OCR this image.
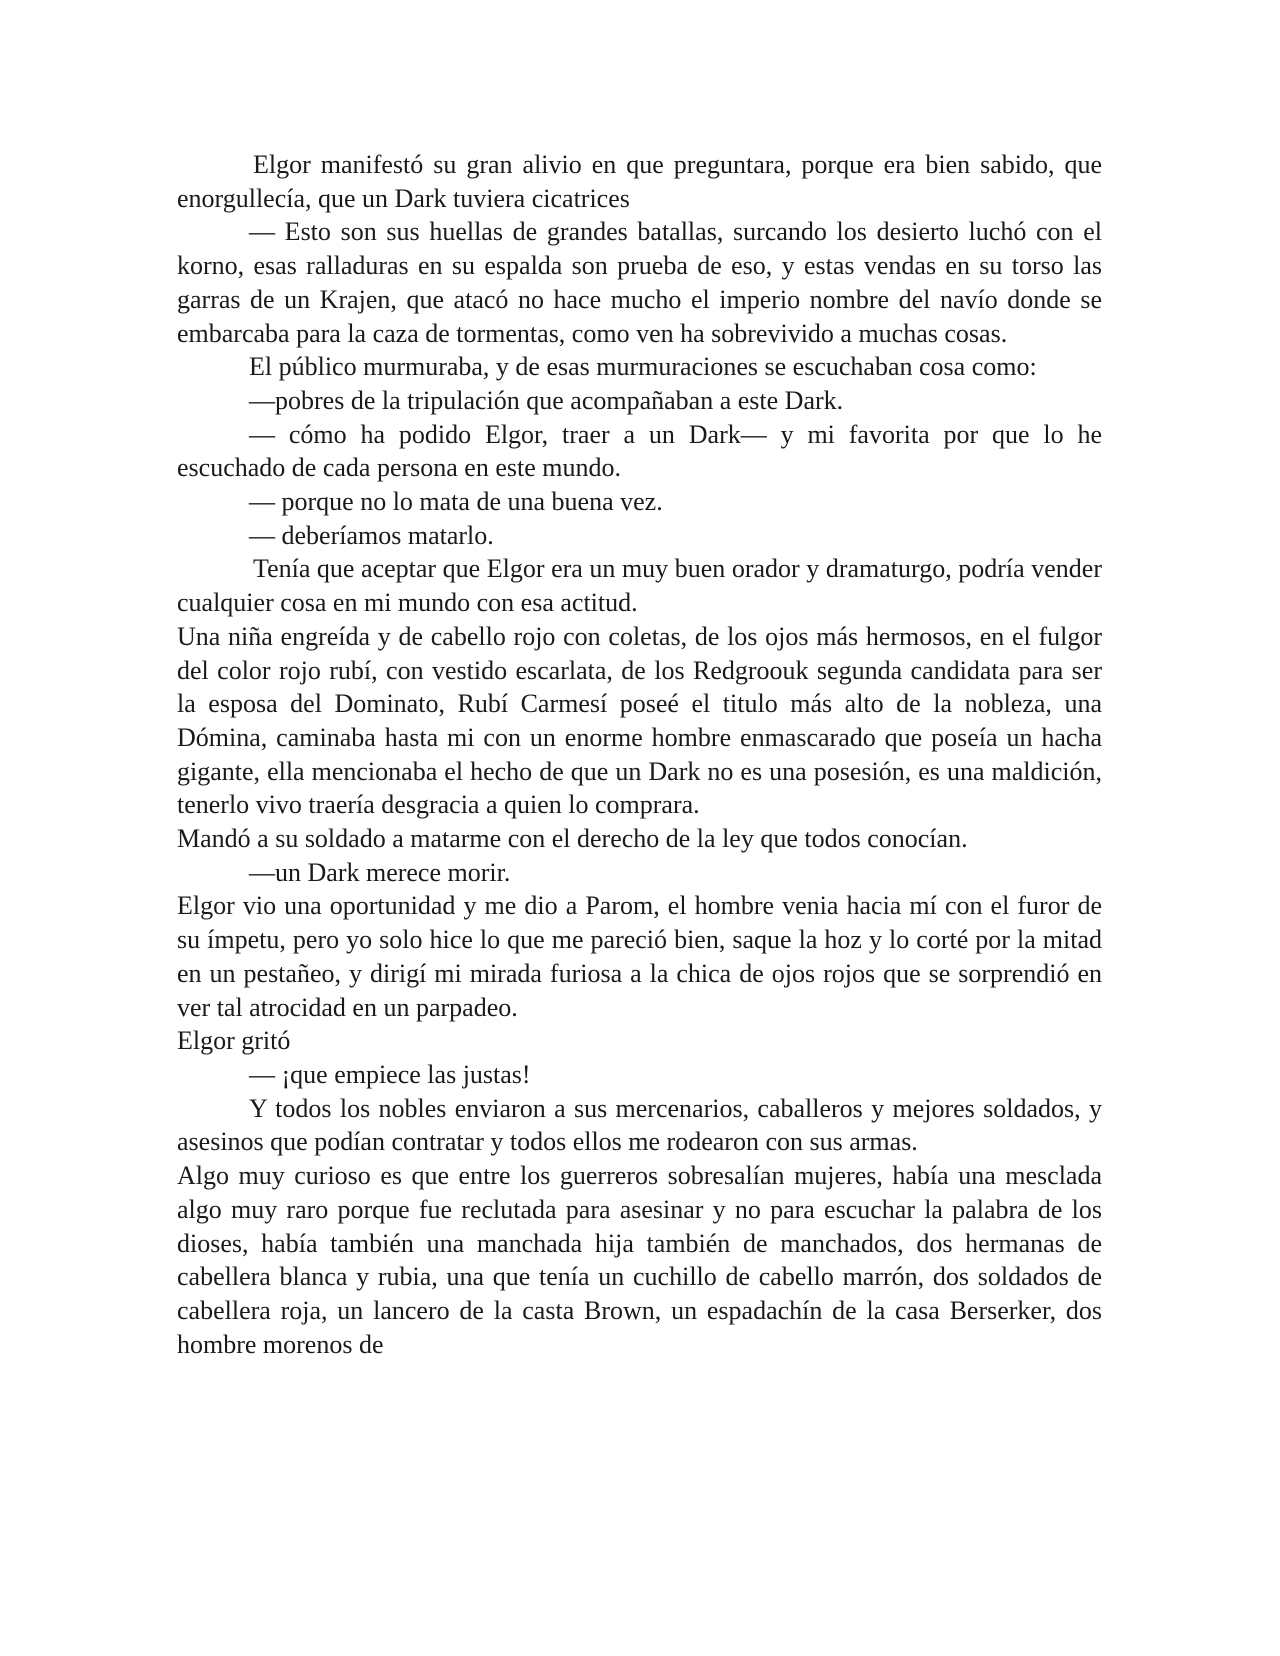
Elgor manifestó su gran alivio en que preguntara, porque era bien sabido, que enorgullecía, que un Dark tuviera cicatrices

— Esto son sus huellas de grandes batallas, surcando los desierto luchó con el korno, esas ralladuras en su espalda son prueba de eso, y estas vendas en su torso las garras de un Krajen, que atacó no hace mucho el imperio nombre del navío donde se embarcaba para la caza de tormentas, como ven ha sobrevivido a muchas cosas.

El público murmuraba, y de esas murmuraciones se escuchaban cosa como:

—pobres de la tripulación que acompañaban a este Dark.

— cómo ha podido Elgor, traer a un Dark— y mi favorita por que lo he escuchado de cada persona en este mundo.

— porque no lo mata de una buena vez.

— deberíamos matarlo.

Tenía que aceptar que Elgor era un muy buen orador y dramaturgo, podría vender cualquier cosa en mi mundo con esa actitud.

Una niña engreída y de cabello rojo con coletas, de los ojos más hermosos, en el fulgor del color rojo rubí, con vestido escarlata, de los Redgroouk segunda candidata para ser la esposa del Dominato, Rubí Carmesí poseé el titulo más alto de la nobleza, una Dómina, caminaba hasta mi con un enorme hombre enmascarado que poseía un hacha gigante, ella mencionaba el hecho de que un Dark no es una posesión, es una maldición, tenerlo vivo traería desgracia a quien lo comprara.

Mandó a su soldado a matarme con el derecho de la ley que todos conocían.

—un Dark merece morir.

Elgor vio una oportunidad y me dio a Parom, el hombre venia hacia mí con el furor de su ímpetu, pero yo solo hice lo que me pareció bien, saque la hoz y lo corté por la mitad en un pestañeo, y dirigí mi mirada furiosa a la chica de ojos rojos que se sorprendió en ver tal atrocidad en un parpadeo.

Elgor gritó

— ¡que empiece las justas!

Y todos los nobles enviaron a sus mercenarios, caballeros y mejores soldados, y asesinos que podían contratar y todos ellos me rodearon con sus armas.

Algo muy curioso es que entre los guerreros sobresalían mujeres, había una mesclada algo muy raro porque fue reclutada para asesinar y no para escuchar la palabra de los dioses, había también una manchada hija también de manchados, dos hermanas de cabellera blanca y rubia, una que tenía un cuchillo de cabello marrón, dos soldados de cabellera roja, un lancero de la casta Brown, un espadachín de la casa Berserker, dos hombre morenos de
